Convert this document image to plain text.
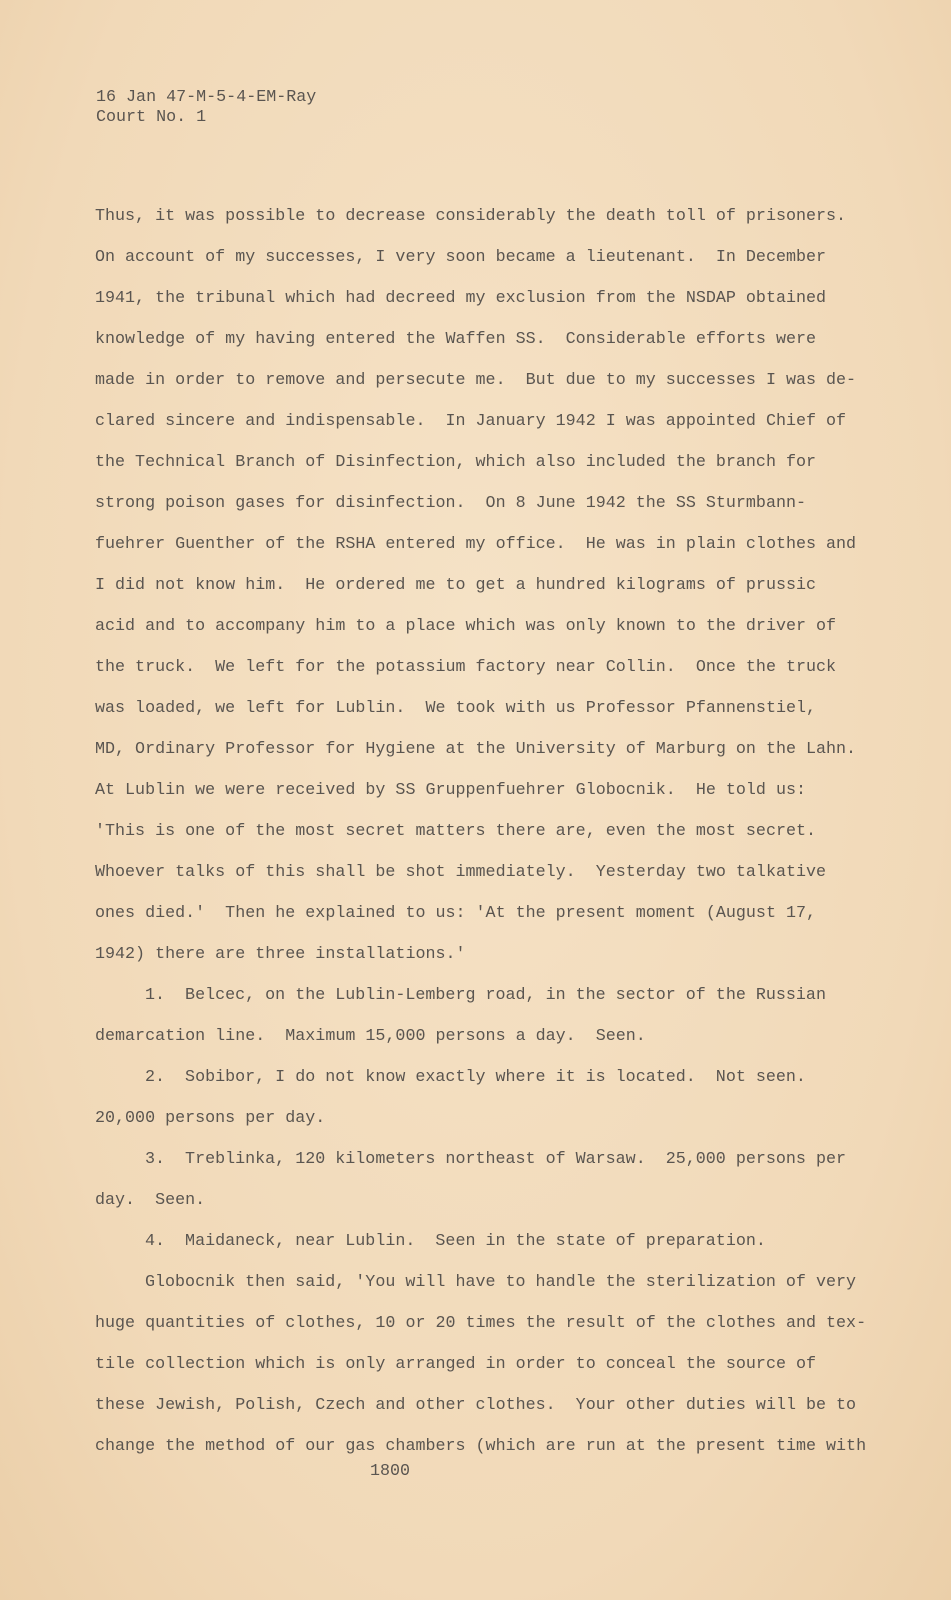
16 Jan 47-M-5-4-EM-Ray
Court No. 1
Thus, it was possible to decrease considerably the death toll of prisoners.
On account of my successes, I very soon became a lieutenant.  In December
1941, the tribunal which had decreed my exclusion from the NSDAP obtained
knowledge of my having entered the Waffen SS.  Considerable efforts were
made in order to remove and persecute me.  But due to my successes I was de-
clared sincere and indispensable.  In January 1942 I was appointed Chief of
the Technical Branch of Disinfection, which also included the branch for
strong poison gases for disinfection.  On 8 June 1942 the SS Sturmbann-
fuehrer Guenther of the RSHA entered my office.  He was in plain clothes and
I did not know him.  He ordered me to get a hundred kilograms of prussic
acid and to accompany him to a place which was only known to the driver of
the truck.  We left for the potassium factory near Collin.  Once the truck
was loaded, we left for Lublin.  We took with us Professor Pfannenstiel,
MD, Ordinary Professor for Hygiene at the University of Marburg on the Lahn.
At Lublin we were received by SS Gruppenfuehrer Globocnik.  He told us:
'This is one of the most secret matters there are, even the most secret.
Whoever talks of this shall be shot immediately.  Yesterday two talkative
ones died.'  Then he explained to us: 'At the present moment (August 17,
1942) there are three installations.'
1.  Belcec, on the Lublin-Lemberg road, in the sector of the Russian
demarcation line.  Maximum 15,000 persons a day.  Seen.
2.  Sobibor, I do not know exactly where it is located.  Not seen.
20,000 persons per day.
3.  Treblinka, 120 kilometers northeast of Warsaw.  25,000 persons per
day.  Seen.
4.  Maidaneck, near Lublin.  Seen in the state of preparation.
Globocnik then said, 'You will have to handle the sterilization of very
huge quantities of clothes, 10 or 20 times the result of the clothes and tex-
tile collection which is only arranged in order to conceal the source of
these Jewish, Polish, Czech and other clothes.  Your other duties will be to
change the method of our gas chambers (which are run at the present time with
1800
